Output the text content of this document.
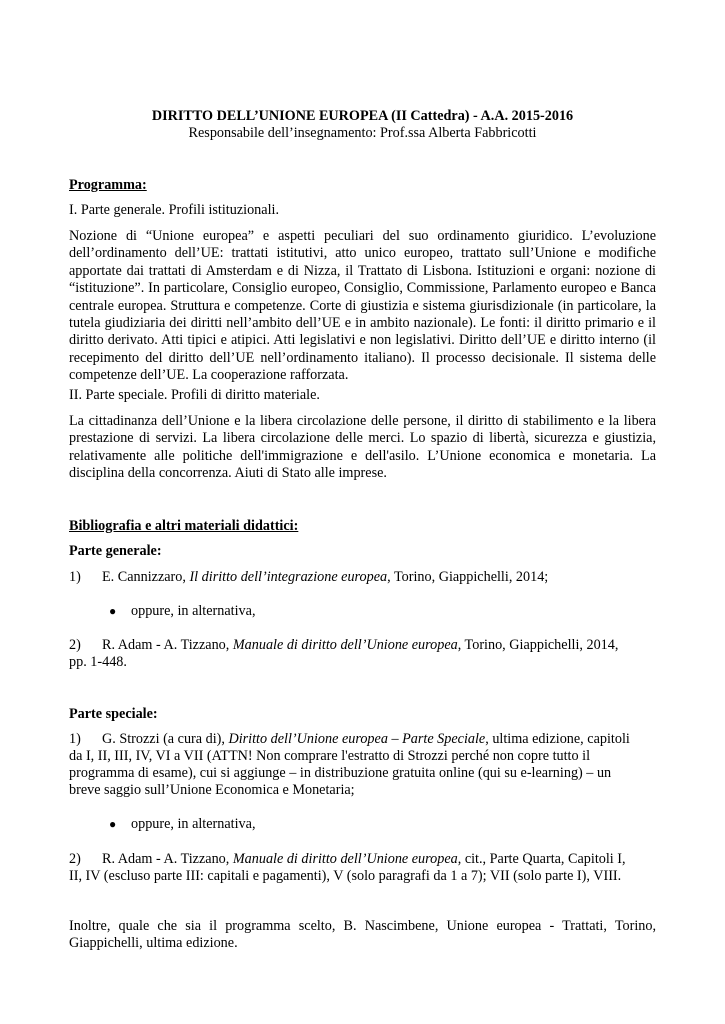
DIRITTO DELL’UNIONE EUROPEA (II Cattedra) - A.A. 2015-2016
Responsabile dell’insegnamento: Prof.ssa Alberta Fabbricotti
Programma:
I. Parte generale. Profili istituzionali.
Nozione di “Unione europea” e aspetti peculiari del suo ordinamento giuridico. L’evoluzione dell’ordinamento dell’UE: trattati istitutivi, atto unico europeo, trattato sull’Unione e modifiche apportate dai trattati di Amsterdam e di Nizza, il Trattato di Lisbona. Istituzioni e organi: nozione di “istituzione”. In particolare, Consiglio europeo, Consiglio, Commissione, Parlamento europeo e Banca centrale europea. Struttura e competenze. Corte di giustizia e sistema giurisdizionale (in particolare, la tutela giudiziaria dei diritti nell’ambito dell’UE e in ambito nazionale). Le fonti: il diritto primario e il diritto derivato. Atti tipici e atipici. Atti legislativi e non legislativi. Diritto dell’UE e diritto interno (il recepimento del diritto dell’UE nell’ordinamento italiano). Il processo decisionale. Il sistema delle competenze dell’UE. La cooperazione rafforzata.
II. Parte speciale. Profili di diritto materiale.
La cittadinanza dell’Unione e la libera circolazione delle persone, il diritto di stabilimento e la libera prestazione di servizi. La libera circolazione delle merci. Lo spazio di libertà, sicurezza e giustizia, relativamente alle politiche dell'immigrazione e dell'asilo. L’Unione economica e monetaria. La disciplina della concorrenza. Aiuti di Stato alle imprese.
Bibliografia e altri materiali didattici:
Parte generale:
1) E. Cannizzaro, Il diritto dell’integrazione europea, Torino, Giappichelli, 2014;
● oppure, in alternativa,
2) R. Adam - A. Tizzano, Manuale di diritto dell’Unione europea, Torino, Giappichelli, 2014,
pp. 1-448.
Parte speciale:
1) G. Strozzi (a cura di), Diritto dell’Unione europea – Parte Speciale, ultima edizione, capitoli
da I, II, III, IV, VI a VII (ATTN! Non comprare l'estratto di Strozzi perché non copre tutto il
programma di esame), cui si aggiunge – in distribuzione gratuita online (qui su e-learning) – un
breve saggio sull’Unione Economica e Monetaria;
● oppure, in alternativa,
2) R. Adam - A. Tizzano, Manuale di diritto dell’Unione europea, cit., Parte Quarta, Capitoli I,
II, IV (escluso parte III: capitali e pagamenti), V (solo paragrafi da 1 a 7); VII (solo parte I), VIII.
Inoltre, quale che sia il programma scelto, B. Nascimbene, Unione europea - Trattati, Torino, Giappichelli, ultima edizione.
